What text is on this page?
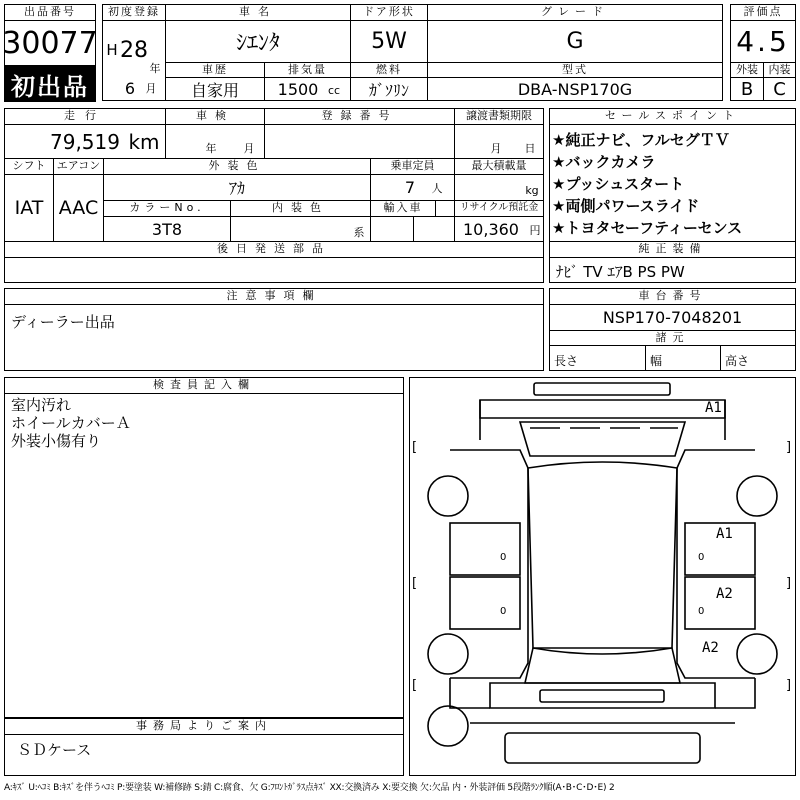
出品番号
30077
初出品
初度登録
H 28
年
6 月
車名
ｼｴﾝﾀ
ドア形状
5W
グレード
G
評価点
4.5
車歴
自家用
排気量
1500 cc
燃料
ｶﾞｿﾘﾝ
型式
DBA-NSP170G
外装
B
内装
C
走行
79,519 km
車検
年 月
登録番号	譲渡書類期限
月 日
シフト
IAT
エアコン
AAC
外装色
ｱｶ
乗車定員
7	人
最大積載量
kg
カラーNo.
3T8
内装色
系
輸入車	リサイクル預託金
10,360 円
後日発送部品
セールスポイント
★純正ナビ、フルセグＴＶ
★バックカメラ
★プッシュスタート
★両側パワースライド
★トヨタセーフティーセンス
純正装備
ﾅﾋﾞ TV ｴｱB PS PW
注意事項欄
ディーラー出品
車台番号
NSP170-7048201
諸元
長さ	幅	高さ
検査員記入欄
室内汚れ
ホイールカバーＡ
外装小傷有り
事務局よりご案内
ＳＤケース
A1
A1
A2
A2
[	]
[	]
[	]
0
0
0
0
A:ｷｽﾞ U:ﾍｺﾐ B:ｷｽﾞを伴うﾍｺﾐ P:要塗装 W:補修跡 S:錆 C:腐食、欠 G:ﾌﾛﾝﾄｶﾞﾗｽ点ｷｽﾞ XX:交換済み X:要交換 欠:欠品 内・外装評価 5段階ﾗﾝｸ順(A･B･C･D･E) 2
